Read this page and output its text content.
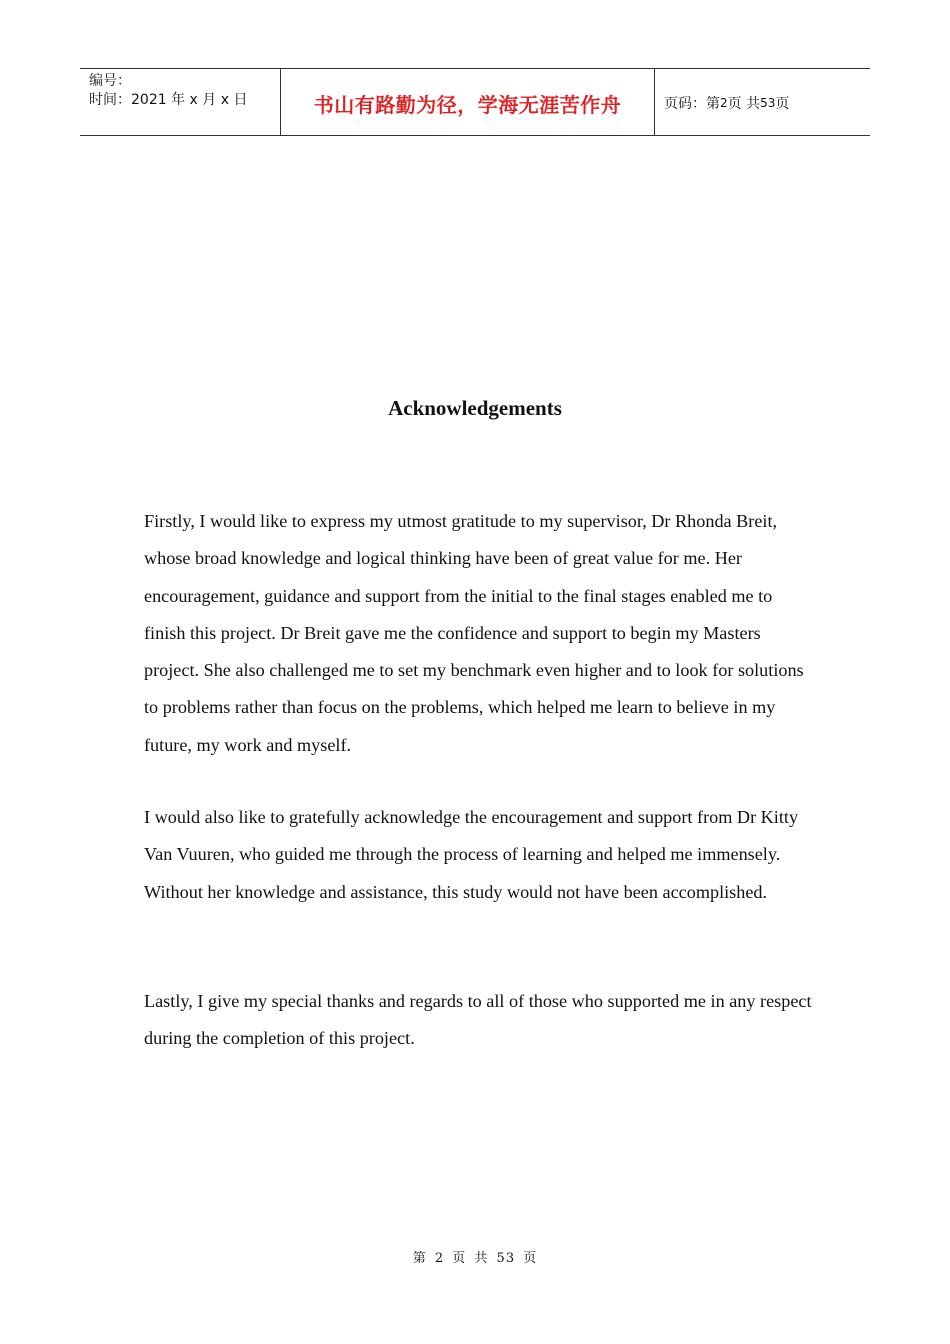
编号：
时间：2021 年 x 月 x 日	书山有路勤为径，学海无涯苦作舟	页码：第 2 页 共 53 页
Acknowledgements

Firstly, I would like to express my utmost gratitude to my supervisor, Dr Rhonda Breit, whose broad knowledge and logical thinking have been of great value for me. Her encouragement, guidance and support from the initial to the final stages enabled me to finish this project. Dr Breit gave me the confidence and support to begin my Masters project. She also challenged me to set my benchmark even higher and to look for solutions to problems rather than focus on the problems, which helped me learn to believe in my future, my work and myself.

I would also like to gratefully acknowledge the encouragement and support from Dr Kitty Van Vuuren, who guided me through the process of learning and helped me immensely. Without her knowledge and assistance, this study would not have been accomplished.

Lastly, I give my special thanks and regards to all of those who supported me in any respect during the completion of this project.

第 2 页 共 53 页
